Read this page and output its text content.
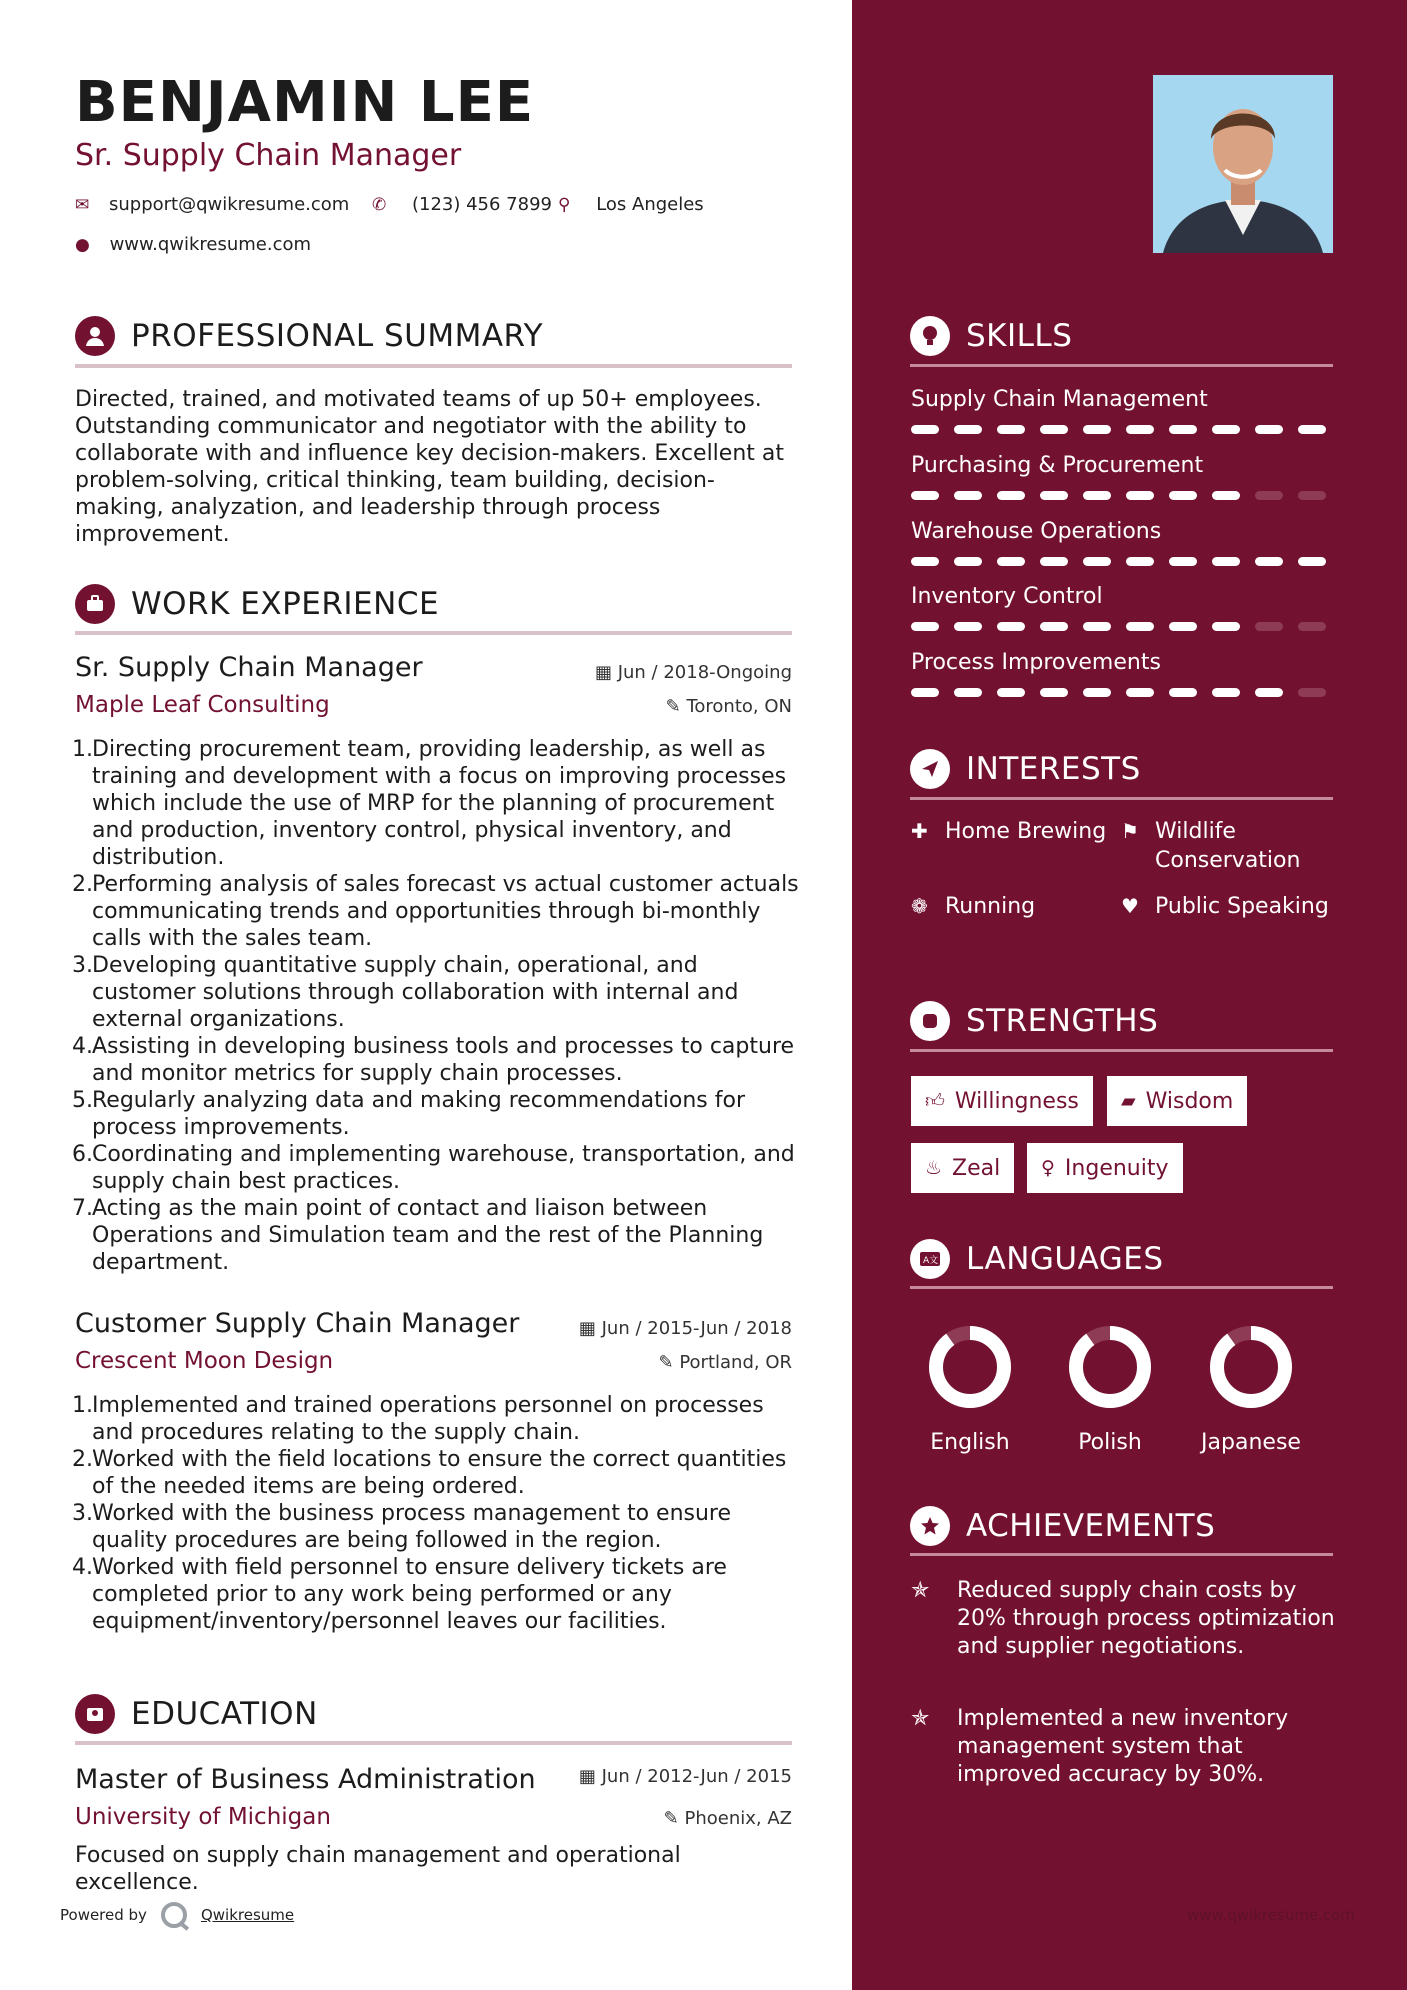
BENJAMIN LEE
Sr. Supply Chain Manager
✉ support@qwikresume.com ✆ (123) 456 7899 ⚲ Los Angeles
● www.qwikresume.com
PROFESSIONAL SUMMARY
Directed, trained, and motivated teams of up 50+ employees. Outstanding communicator and negotiator with the ability to collaborate with and influence key decision-makers. Excellent at problem-solving, critical thinking, team building, decision-making, analyzation, and leadership through process improvement.
WORK EXPERIENCE
Sr. Supply Chain Manager	▦ Jun / 2018-Ongoing
Maple Leaf Consulting	✎ Toronto, ON
Directing procurement team, providing leadership, as well as training and development with a focus on improving processes which include the use of MRP for the planning of procurement and production, inventory control, physical inventory, and distribution.
Performing analysis of sales forecast vs actual customer actuals communicating trends and opportunities through bi-monthly calls with the sales team.
Developing quantitative supply chain, operational, and customer solutions through collaboration with internal and external organizations.
Assisting in developing business tools and processes to capture and monitor metrics for supply chain processes.
Regularly analyzing data and making recommendations for process improvements.
Coordinating and implementing warehouse, transportation, and supply chain best practices.
Acting as the main point of contact and liaison between Operations and Simulation team and the rest of the Planning department.
Customer Supply Chain Manager	▦ Jun / 2015-Jun / 2018
Crescent Moon Design	✎ Portland, OR
Implemented and trained operations personnel on processes and procedures relating to the supply chain.
Worked with the field locations to ensure the correct quantities of the needed items are being ordered.
Worked with the business process management to ensure quality procedures are being followed in the region.
Worked with field personnel to ensure delivery tickets are completed prior to any work being performed or any equipment/inventory/personnel leaves our facilities.
EDUCATION
Master of Business Administration	▦ Jun / 2012-Jun / 2015
University of Michigan	✎ Phoenix, AZ
Focused on supply chain management and operational excellence.
Powered by	Qwikresume
SKILLS
Supply Chain Management
Purchasing & Procurement
Warehouse Operations
Inventory Control
Process Improvements
INTERESTS
✚ Home Brewing ⚑ Wildlife Conservation
❁ Running	♥ Public Speaking
STRENGTHS
👍︎ Willingness ▰ Wisdom
♨ Zeal ♀ Ingenuity
A文 LANGUAGES
English	Polish	Japanese
ACHIEVEMENTS
✯	Reduced supply chain costs by 20% through process optimization and supplier negotiations.
✯	Implemented a new inventory management system that improved accuracy by 30%.
www.qwikresume.com
